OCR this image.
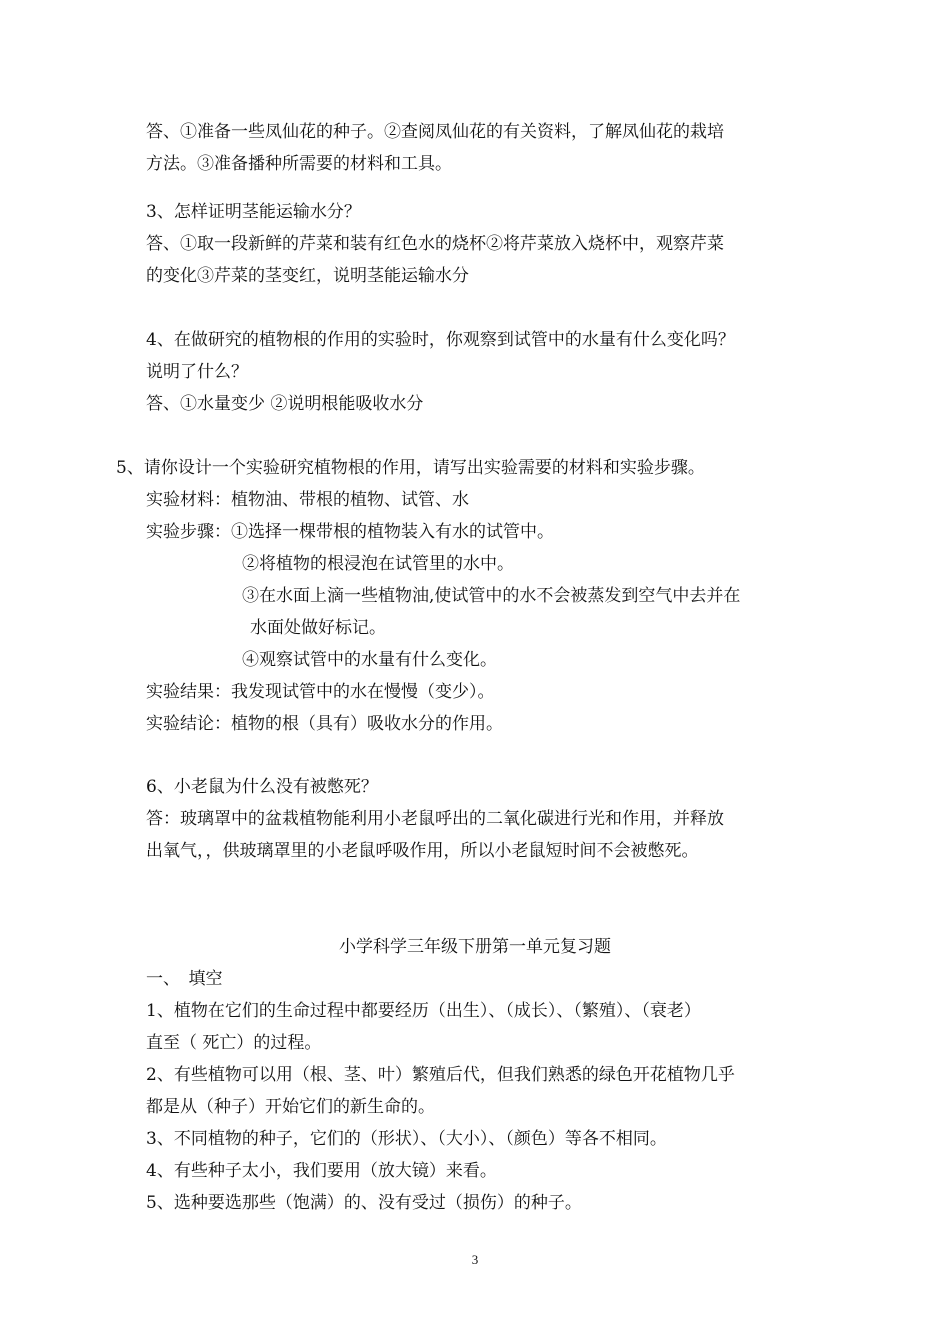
答、①准备一些凤仙花的种子。②查阅凤仙花的有关资料，了解凤仙花的栽培

方法。③准备播种所需要的材料和工具。

3、怎样证明茎能运输水分？

答、①取一段新鲜的芹菜和装有红色水的烧杯②将芹菜放入烧杯中，观察芹菜

的变化③芹菜的茎变红，说明茎能运输水分

4、在做研究的植物根的作用的实验时，你观察到试管中的水量有什么变化吗？

说明了什么？

答、①水量变少 ②说明根能吸收水分

5、请你设计一个实验研究植物根的作用，请写出实验需要的材料和实验步骤。

实验材料：植物油、带根的植物、试管、水

实验步骤：①选择一棵带根的植物装入有水的试管中。

②将植物的根浸泡在试管里的水中。

③在水面上滴一些植物油,使试管中的水不会被蒸发到空气中去并在

水面处做好标记。

④观察试管中的水量有什么变化。

实验结果：我发现试管中的水在慢慢（变少）。

实验结论：植物的根（具有）吸收水分的作用。

6、小老鼠为什么没有被憋死？

答：玻璃罩中的盆栽植物能利用小老鼠呼出的二氧化碳进行光和作用，并释放

出氧气，，供玻璃罩里的小老鼠呼吸作用，所以小老鼠短时间不会被憋死。

小学科学三年级下册第一单元复习题

一、　填空

1、植物在它们的生命过程中都要经历（出生）、（成长）、（繁殖）、（衰老）

直至（ 死亡）的过程。

2、有些植物可以用（根、茎、叶）繁殖后代，但我们熟悉的绿色开花植物几乎

都是从（种子）开始它们的新生命的。

3、不同植物的种子，它们的（形状）、（大小）、（颜色）等各不相同。

4、有些种子太小，我们要用（放大镜）来看。

5、选种要选那些（饱满）的、没有受过（损伤）的种子。

3
